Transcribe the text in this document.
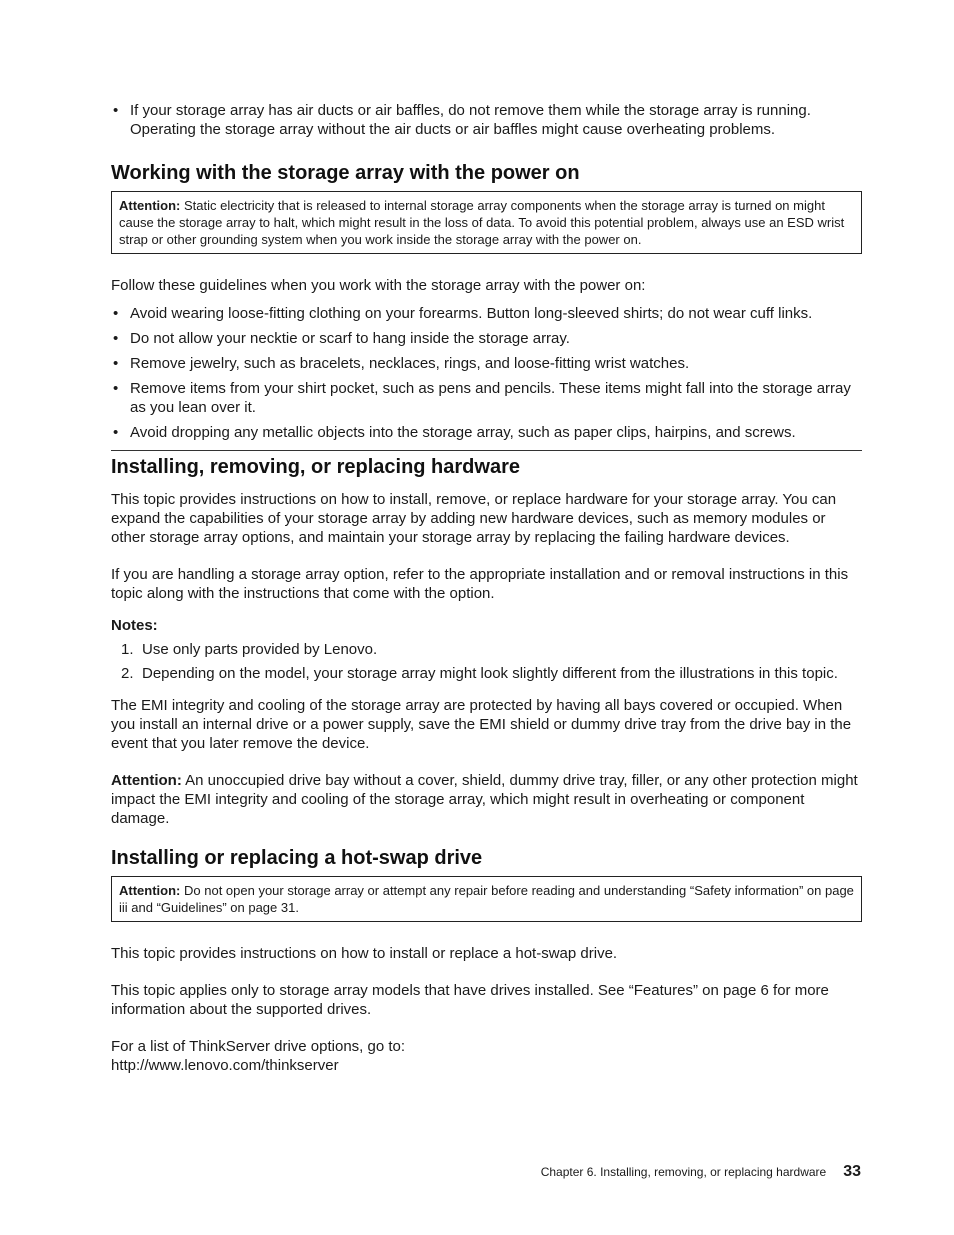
• If your storage array has air ducts or air baffles, do not remove them while the storage array is running. Operating the storage array without the air ducts or air baffles might cause overheating problems.
Working with the storage array with the power on
Attention: Static electricity that is released to internal storage array components when the storage array is turned on might cause the storage array to halt, which might result in the loss of data. To avoid this potential problem, always use an ESD wrist strap or other grounding system when you work inside the storage array with the power on.

Follow these guidelines when you work with the storage array with the power on:

• Avoid wearing loose-fitting clothing on your forearms. Button long-sleeved shirts; do not wear cuff links.
• Do not allow your necktie or scarf to hang inside the storage array.
• Remove jewelry, such as bracelets, necklaces, rings, and loose-fitting wrist watches.
• Remove items from your shirt pocket, such as pens and pencils. These items might fall into the storage array as you lean over it.
• Avoid dropping any metallic objects into the storage array, such as paper clips, hairpins, and screws.
Installing, removing, or replacing hardware

This topic provides instructions on how to install, remove, or replace hardware for your storage array. You can expand the capabilities of your storage array by adding new hardware devices, such as memory modules or other storage array options, and maintain your storage array by replacing the failing hardware devices.

If you are handling a storage array option, refer to the appropriate installation and or removal instructions in this topic along with the instructions that come with the option.

Notes:

1. Use only parts provided by Lenovo.
2. Depending on the model, your storage array might look slightly different from the illustrations in this topic.

The EMI integrity and cooling of the storage array are protected by having all bays covered or occupied. When you install an internal drive or a power supply, save the EMI shield or dummy drive tray from the drive bay in the event that you later remove the device.

Attention: An unoccupied drive bay without a cover, shield, dummy drive tray, filler, or any other protection might impact the EMI integrity and cooling of the storage array, which might result in overheating or component damage.

Installing or replacing a hot-swap drive
Attention: Do not open your storage array or attempt any repair before reading and understanding “Safety information” on page iii and “Guidelines” on page 31.

This topic provides instructions on how to install or replace a hot-swap drive.

This topic applies only to storage array models that have drives installed. See “Features” on page 6 for more information about the supported drives.

For a list of ThinkServer drive options, go to:
http://www.lenovo.com/thinkserver

Chapter 6. Installing, removing, or replacing hardware 33
